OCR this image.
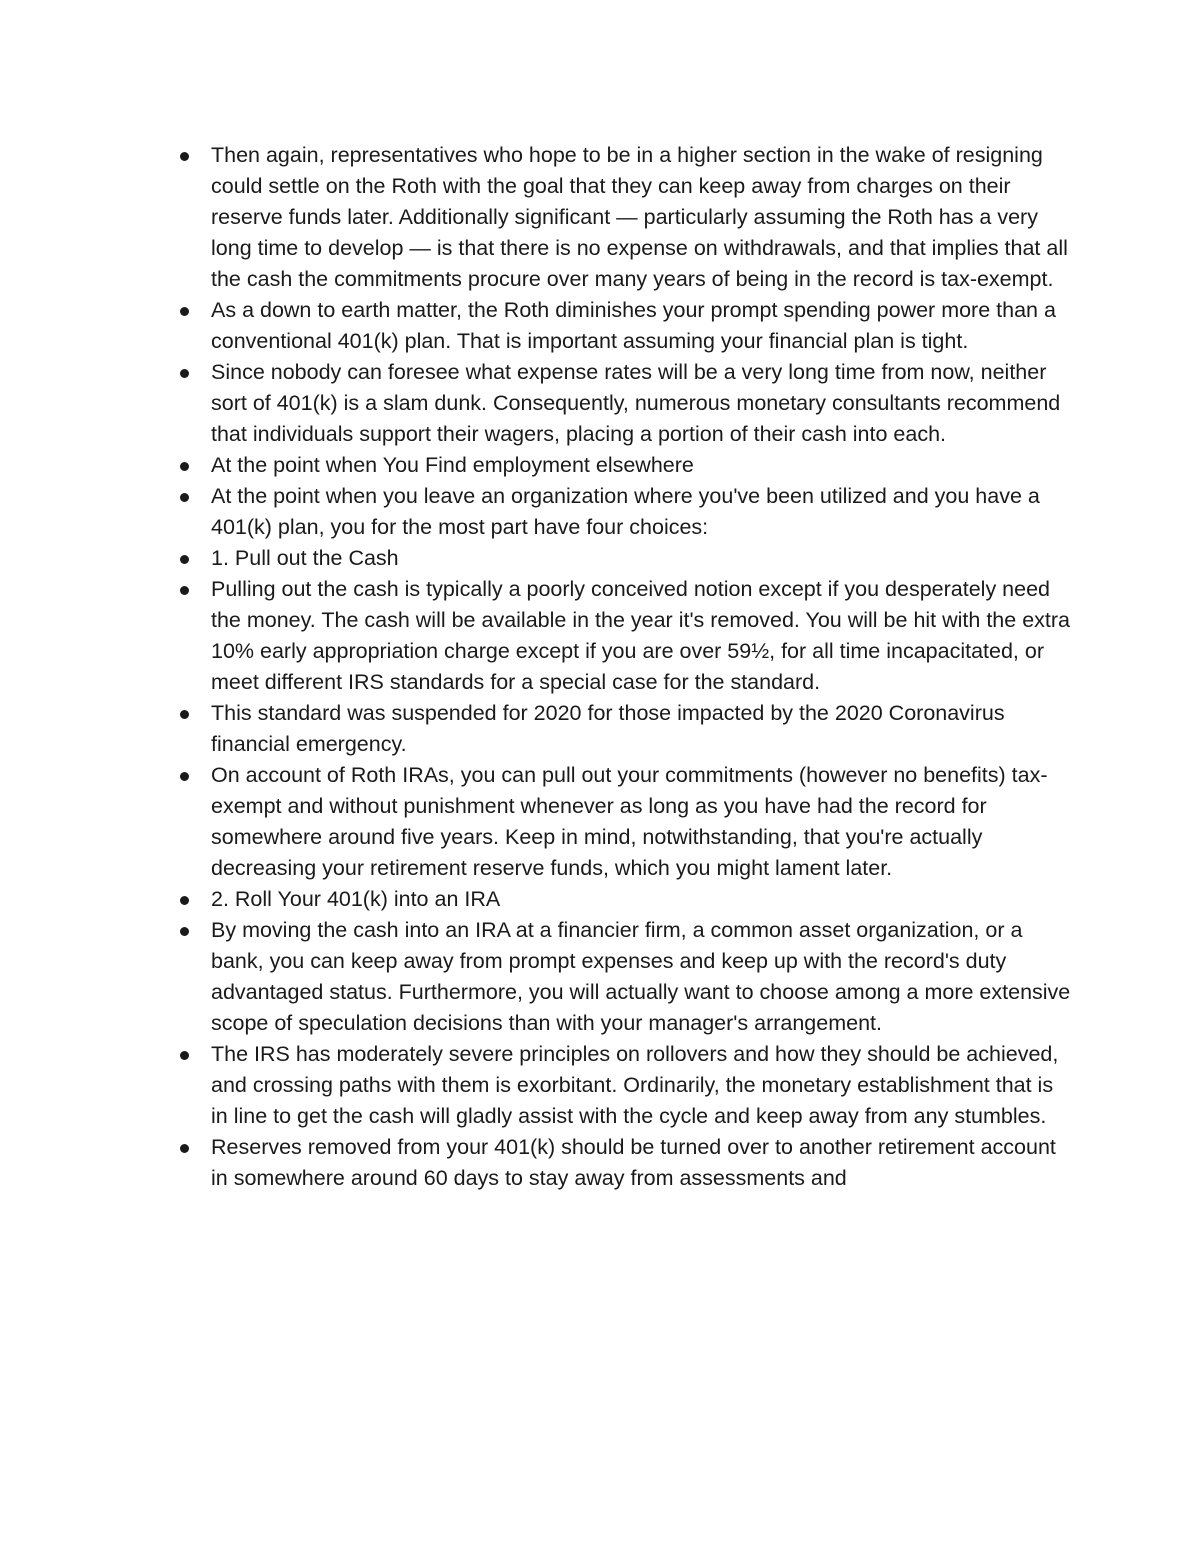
Then again, representatives who hope to be in a higher section in the wake of resigning could settle on the Roth with the goal that they can keep away from charges on their reserve funds later. Additionally significant — particularly assuming the Roth has a very long time to develop — is that there is no expense on withdrawals, and that implies that all the cash the commitments procure over many years of being in the record is tax-exempt.
As a down to earth matter, the Roth diminishes your prompt spending power more than a conventional 401(k) plan. That is important assuming your financial plan is tight.
Since nobody can foresee what expense rates will be a very long time from now, neither sort of 401(k) is a slam dunk. Consequently, numerous monetary consultants recommend that individuals support their wagers, placing a portion of their cash into each.
At the point when You Find employment elsewhere
At the point when you leave an organization where you've been utilized and you have a 401(k) plan, you for the most part have four choices:
1. Pull out the Cash
Pulling out the cash is typically a poorly conceived notion except if you desperately need the money. The cash will be available in the year it's removed. You will be hit with the extra 10% early appropriation charge except if you are over 59½, for all time incapacitated, or meet different IRS standards for a special case for the standard.
This standard was suspended for 2020 for those impacted by the 2020 Coronavirus financial emergency.
On account of Roth IRAs, you can pull out your commitments (however no benefits) tax-exempt and without punishment whenever as long as you have had the record for somewhere around five years. Keep in mind, notwithstanding, that you're actually decreasing your retirement reserve funds, which you might lament later.
2. Roll Your 401(k) into an IRA
By moving the cash into an IRA at a financier firm, a common asset organization, or a bank, you can keep away from prompt expenses and keep up with the record's duty advantaged status. Furthermore, you will actually want to choose among a more extensive scope of speculation decisions than with your manager's arrangement.
The IRS has moderately severe principles on rollovers and how they should be achieved, and crossing paths with them is exorbitant. Ordinarily, the monetary establishment that is in line to get the cash will gladly assist with the cycle and keep away from any stumbles.
Reserves removed from your 401(k) should be turned over to another retirement account in somewhere around 60 days to stay away from assessments and
